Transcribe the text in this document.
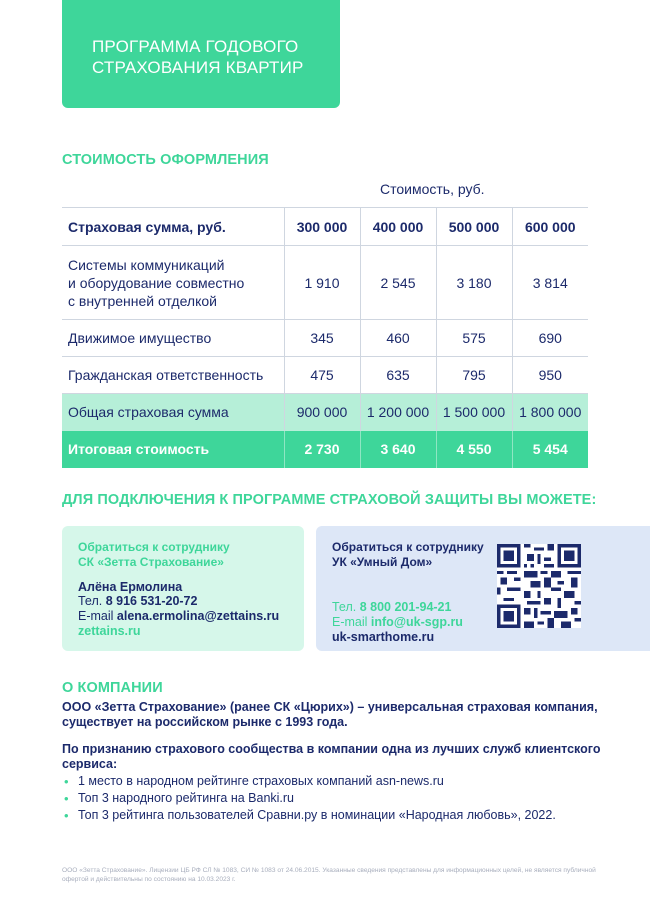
ПРОГРАММА ГОДОВОГО
СТРАХОВАНИЯ КВАРТИР
СТОИМОСТЬ ОФОРМЛЕНИЯ
Стоимость, руб.
Страховая сумма, руб.	300 000	400 000	500 000	600 000
Системы коммуникаций
и оборудование совместно
с внутренней отделкой	1 910	2 545	3 180	3 814
Движимое имущество	345	460	575	690
Гражданская ответственность	475	635	795	950
Общая страховая сумма	900 000	1 200 000	1 500 000	1 800 000
Итоговая стоимость	2 730	3 640	4 550	5 454
ДЛЯ ПОДКЛЮЧЕНИЯ К ПРОГРАММЕ СТРАХОВОЙ ЗАЩИТЫ ВЫ МОЖЕТЕ:
Обратиться к сотруднику
СК «Зетта Страхование»
Алёна Ермолина
Тел. 8 916 531-20-72
E-mail alena.ermolina@zettains.ru
zettains.ru
Обратиться к сотруднику
УК «Умный Дом»
Тел. 8 800 201-94-21
E-mail info@uk-sgp.ru
uk-smarthome.ru
О КОМПАНИИ

ООО «Зетта Страхование» (ранее СК «Цюрих») – универсальная страховая компания, существует на российском рынке с 1993 года.

По признанию страхового сообщества в компании одна из лучших служб клиентского сервиса:

• 1 место в народном рейтинге страховых компаний asn-news.ru
• Топ 3 народного рейтинга на Banki.ru
• Топ 3 рейтинга пользователей Сравни.ру в номинации «Народная любовь», 2022.
ООО «Зетта Страхование». Лицензии ЦБ РФ СЛ № 1083, СИ № 1083 от 24.06.2015. Указанные сведения представлены для информационных целей, не является публичной офертой и действительны по состоянию на 10.03.2023 г.
